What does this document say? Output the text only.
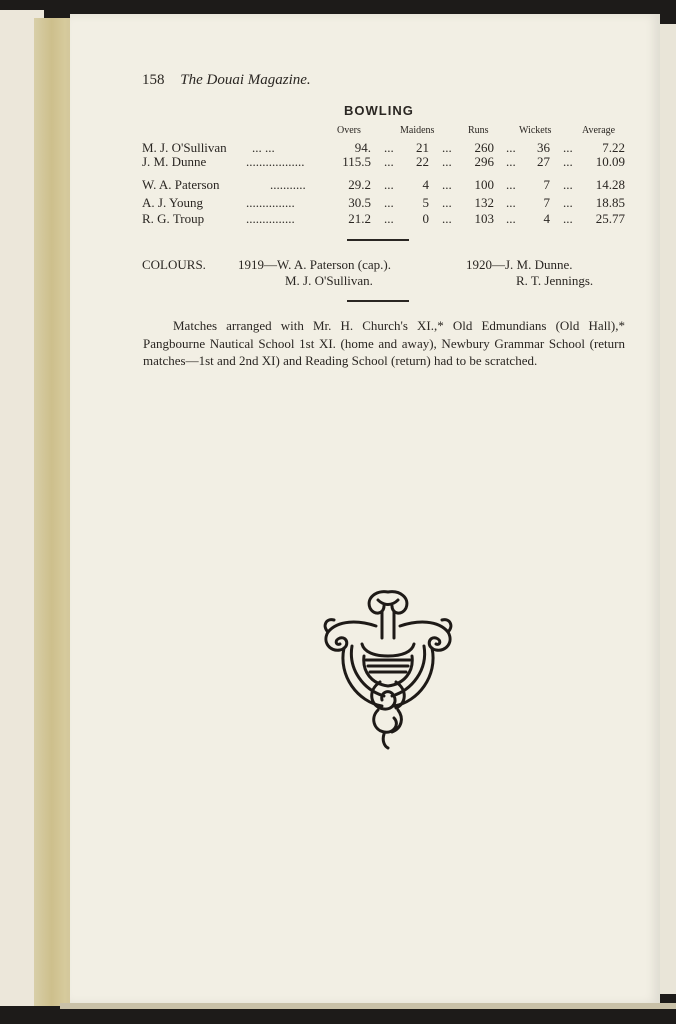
158 The Douai Magazine.
BOWLING
Overs	Maidens	Runs	Wickets	Average
M. J. O'Sullivan ... ...	94. ...	21 ...	260 ...	36 ...	7.22
J. M. Dunne	..................	115.5 ...	22 ...	296 ...	27 ...	10.09
W. A. Paterson	...........	29.2 ...	4 ...	100 ...	7 ...	14.28
A. J. Young	...............	30.5 ...	5 ...	132 ...	7 ...	18.85
R. G. Troup	...............	21.2 ...	0 ...	103 ...	4 ...	25.77
COLOURS. 1919—W. A. Paterson (cap.).
M. J. O'Sullivan.
1920—J. M. Dunne.
R. T. Jennings.
Matches arranged with Mr. H. Church's XI.,* Old Edmundians (Old Hall),* Pangbourne Nautical School 1st XI. (home and away), Newbury Grammar School (return matches—1st and 2nd XI) and Reading School (return) had to be scratched.
